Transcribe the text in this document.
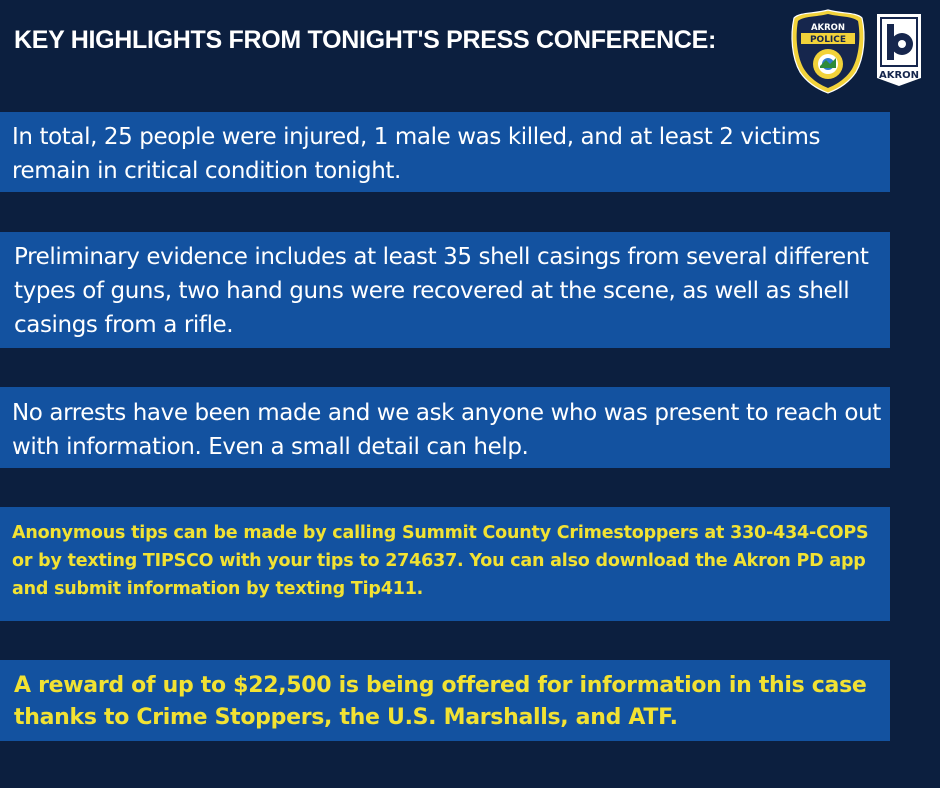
KEY HIGHLIGHTS FROM TONIGHT'S PRESS CONFERENCE:	AKRON
POLICE
AKRON
In total, 25 people were injured, 1 male was killed, and at least 2 victims remain in critical condition tonight.
Preliminary evidence includes at least 35 shell casings from several different types of guns, two hand guns were recovered at the scene, as well as shell casings from a rifle.
No arrests have been made and we ask anyone who was present to reach out with information. Even a small detail can help.
Anonymous tips can be made by calling Summit County Crimestoppers at 330-434-COPS or by texting TIPSCO with your tips to 274637. You can also download the Akron PD app and submit information by texting Tip411.
A reward of up to $22,500 is being offered for information in this case thanks to Crime Stoppers, the U.S. Marshalls, and ATF.
